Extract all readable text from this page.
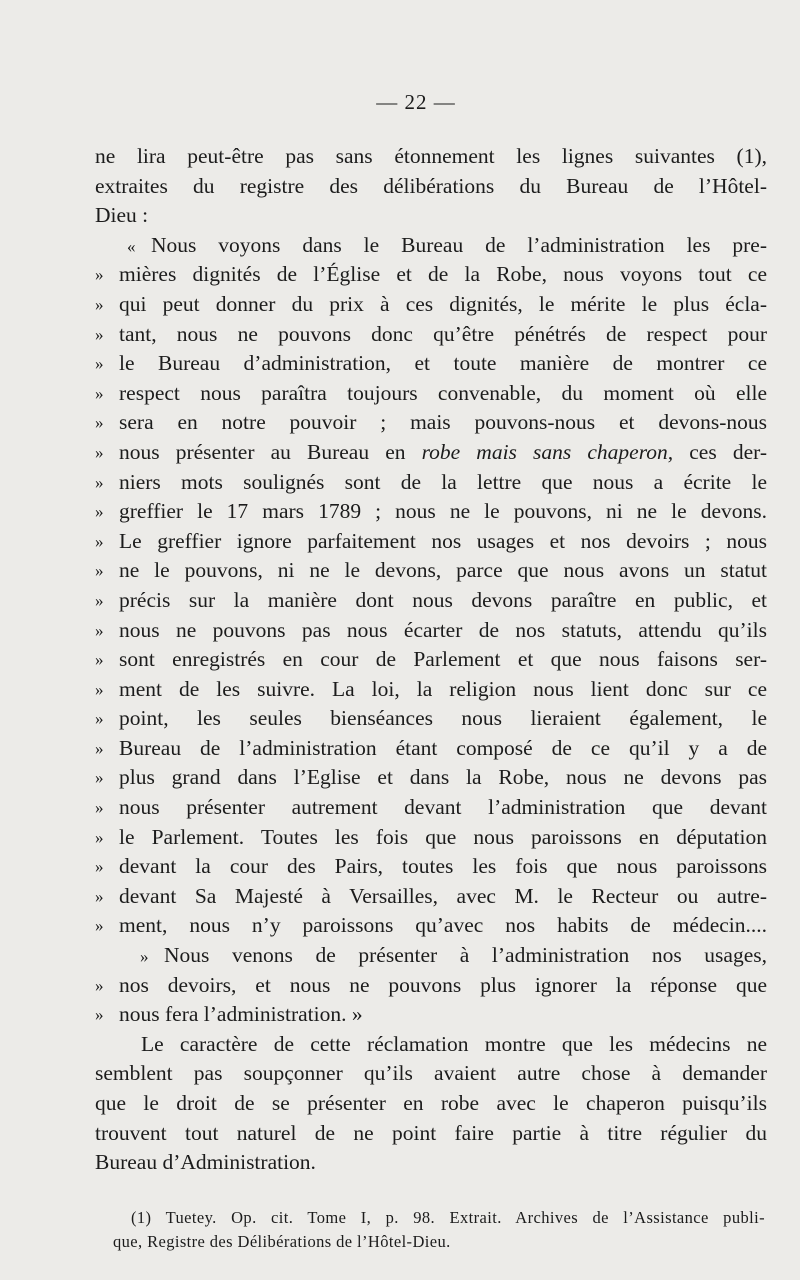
— 22 —
ne lira peut-être pas sans étonnement les lignes suivantes (1),
extraites du registre des délibérations du Bureau de l’Hôtel-
Dieu :
« Nous voyons dans le Bureau de l’administration les pre-
» mières dignités de l’Église et de la Robe, nous voyons tout ce
» qui peut donner du prix à ces dignités, le mérite le plus écla-
» tant, nous ne pouvons donc qu’être pénétrés de respect pour
» le Bureau d’administration, et toute manière de montrer ce
» respect nous paraîtra toujours convenable, du moment où elle
» sera en notre pouvoir ; mais pouvons-nous et devons-nous
» nous présenter au Bureau en robe mais sans chaperon, ces der-
» niers mots soulignés sont de la lettre que nous a écrite le
» greffier le 17 mars 1789 ; nous ne le pouvons, ni ne le devons.
» Le greffier ignore parfaitement nos usages et nos devoirs ; nous
» ne le pouvons, ni ne le devons, parce que nous avons un statut
» précis sur la manière dont nous devons paraître en public, et
» nous ne pouvons pas nous écarter de nos statuts, attendu qu’ils
» sont enregistrés en cour de Parlement et que nous faisons ser-
» ment de les suivre. La loi, la religion nous lient donc sur ce
» point, les seules bienséances nous lieraient également, le
» Bureau de l’administration étant composé de ce qu’il y a de
» plus grand dans l’Eglise et dans la Robe, nous ne devons pas
» nous présenter autrement devant l’administration que devant
» le Parlement. Toutes les fois que nous paroissons en députation
» devant la cour des Pairs, toutes les fois que nous paroissons
» devant Sa Majesté à Versailles, avec M. le Recteur ou autre-
» ment, nous n’y paroissons qu’avec nos habits de médecin....
» Nous venons de présenter à l’administration nos usages,
» nos devoirs, et nous ne pouvons plus ignorer la réponse que
» nous fera l’administration. »
Le caractère de cette réclamation montre que les médecins ne
semblent pas soupçonner qu’ils avaient autre chose à demander
que le droit de se présenter en robe avec le chaperon puisqu’ils
trouvent tout naturel de ne point faire partie à titre régulier du
Bureau d’Administration.
(1) Tuetey. Op. cit. Tome I, p. 98. Extrait. Archives de l’Assistance publi-
que, Registre des Délibérations de l’Hôtel-Dieu.
